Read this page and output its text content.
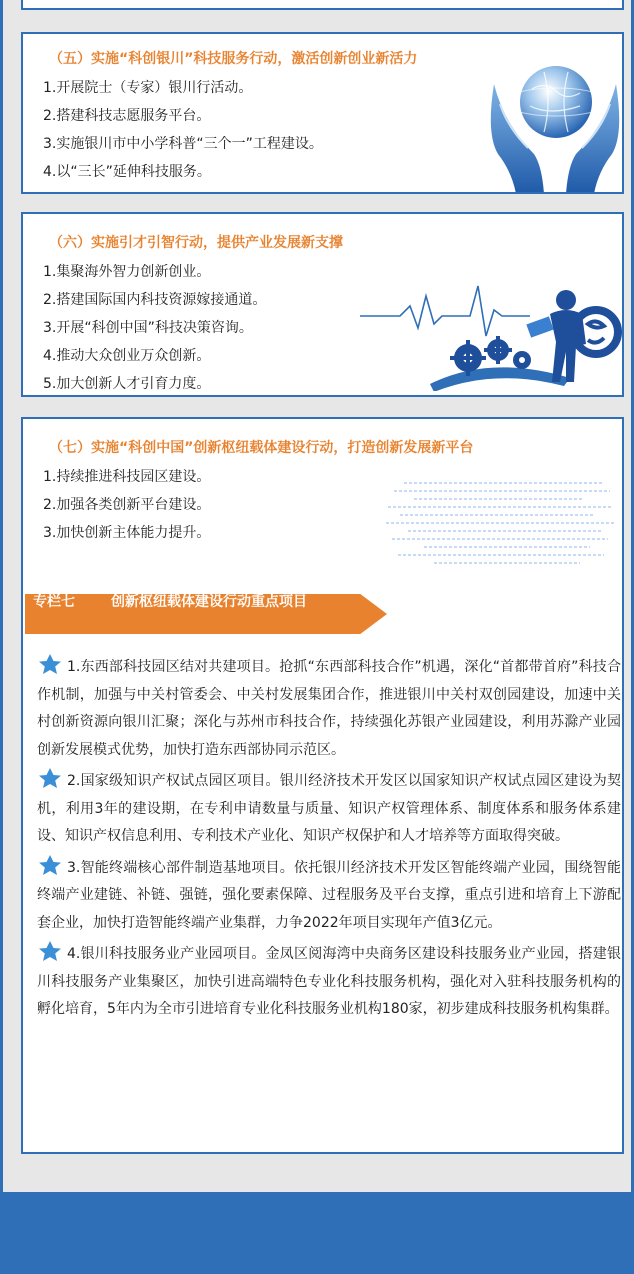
（五）实施“科创银川”科技服务行动，激活创新创业新活力
1.开展院士（专家）银川行活动。
2.搭建科技志愿服务平台。
3.实施银川市中小学科普“三个一”工程建设。
4.以“三长”延伸科技服务。
（六）实施引才引智行动，提供产业发展新支撑
1.集聚海外智力创新创业。
2.搭建国际国内科技资源嫁接通道。
3.开展“科创中国”科技决策咨询。
4.推动大众创业万众创新。
5.加大创新人才引育力度。
（七）实施“科创中国”创新枢纽载体建设行动，打造创新发展新平台
1.持续推进科技园区建设。
2.加强各类创新平台建设。
3.加快创新主体能力提升。
专栏七	创新枢纽载体建设行动重点项目
1.东西部科技园区结对共建项目。抢抓“东西部科技合作”机遇，深化“首都带首府”科技合作机制，加强与中关村管委会、中关村发展集团合作，推进银川中关村双创园建设，加速中关村创新资源向银川汇聚；深化与苏州市科技合作，持续强化苏银产业园建设，利用苏滁产业园创新发展模式优势，加快打造东西部协同示范区。
2.国家级知识产权试点园区项目。银川经济技术开发区以国家知识产权试点园区建设为契机，利用3年的建设期，在专利申请数量与质量、知识产权管理体系、制度体系和服务体系建设、知识产权信息利用、专利技术产业化、知识产权保护和人才培养等方面取得突破。
3.智能终端核心部件制造基地项目。依托银川经济技术开发区智能终端产业园，围绕智能终端产业建链、补链、强链，强化要素保障、过程服务及平台支撑，重点引进和培育上下游配套企业，加快打造智能终端产业集群，力争2022年项目实现年产值3亿元。
4.银川科技服务业产业园项目。金凤区阅海湾中央商务区建设科技服务业产业园，搭建银川科技服务产业集聚区，加快引进高端特色专业化科技服务机构，强化对入驻科技服务机构的孵化培育，5年内为全市引进培育专业化科技服务业机构180家，初步建成科技服务机构集群。
